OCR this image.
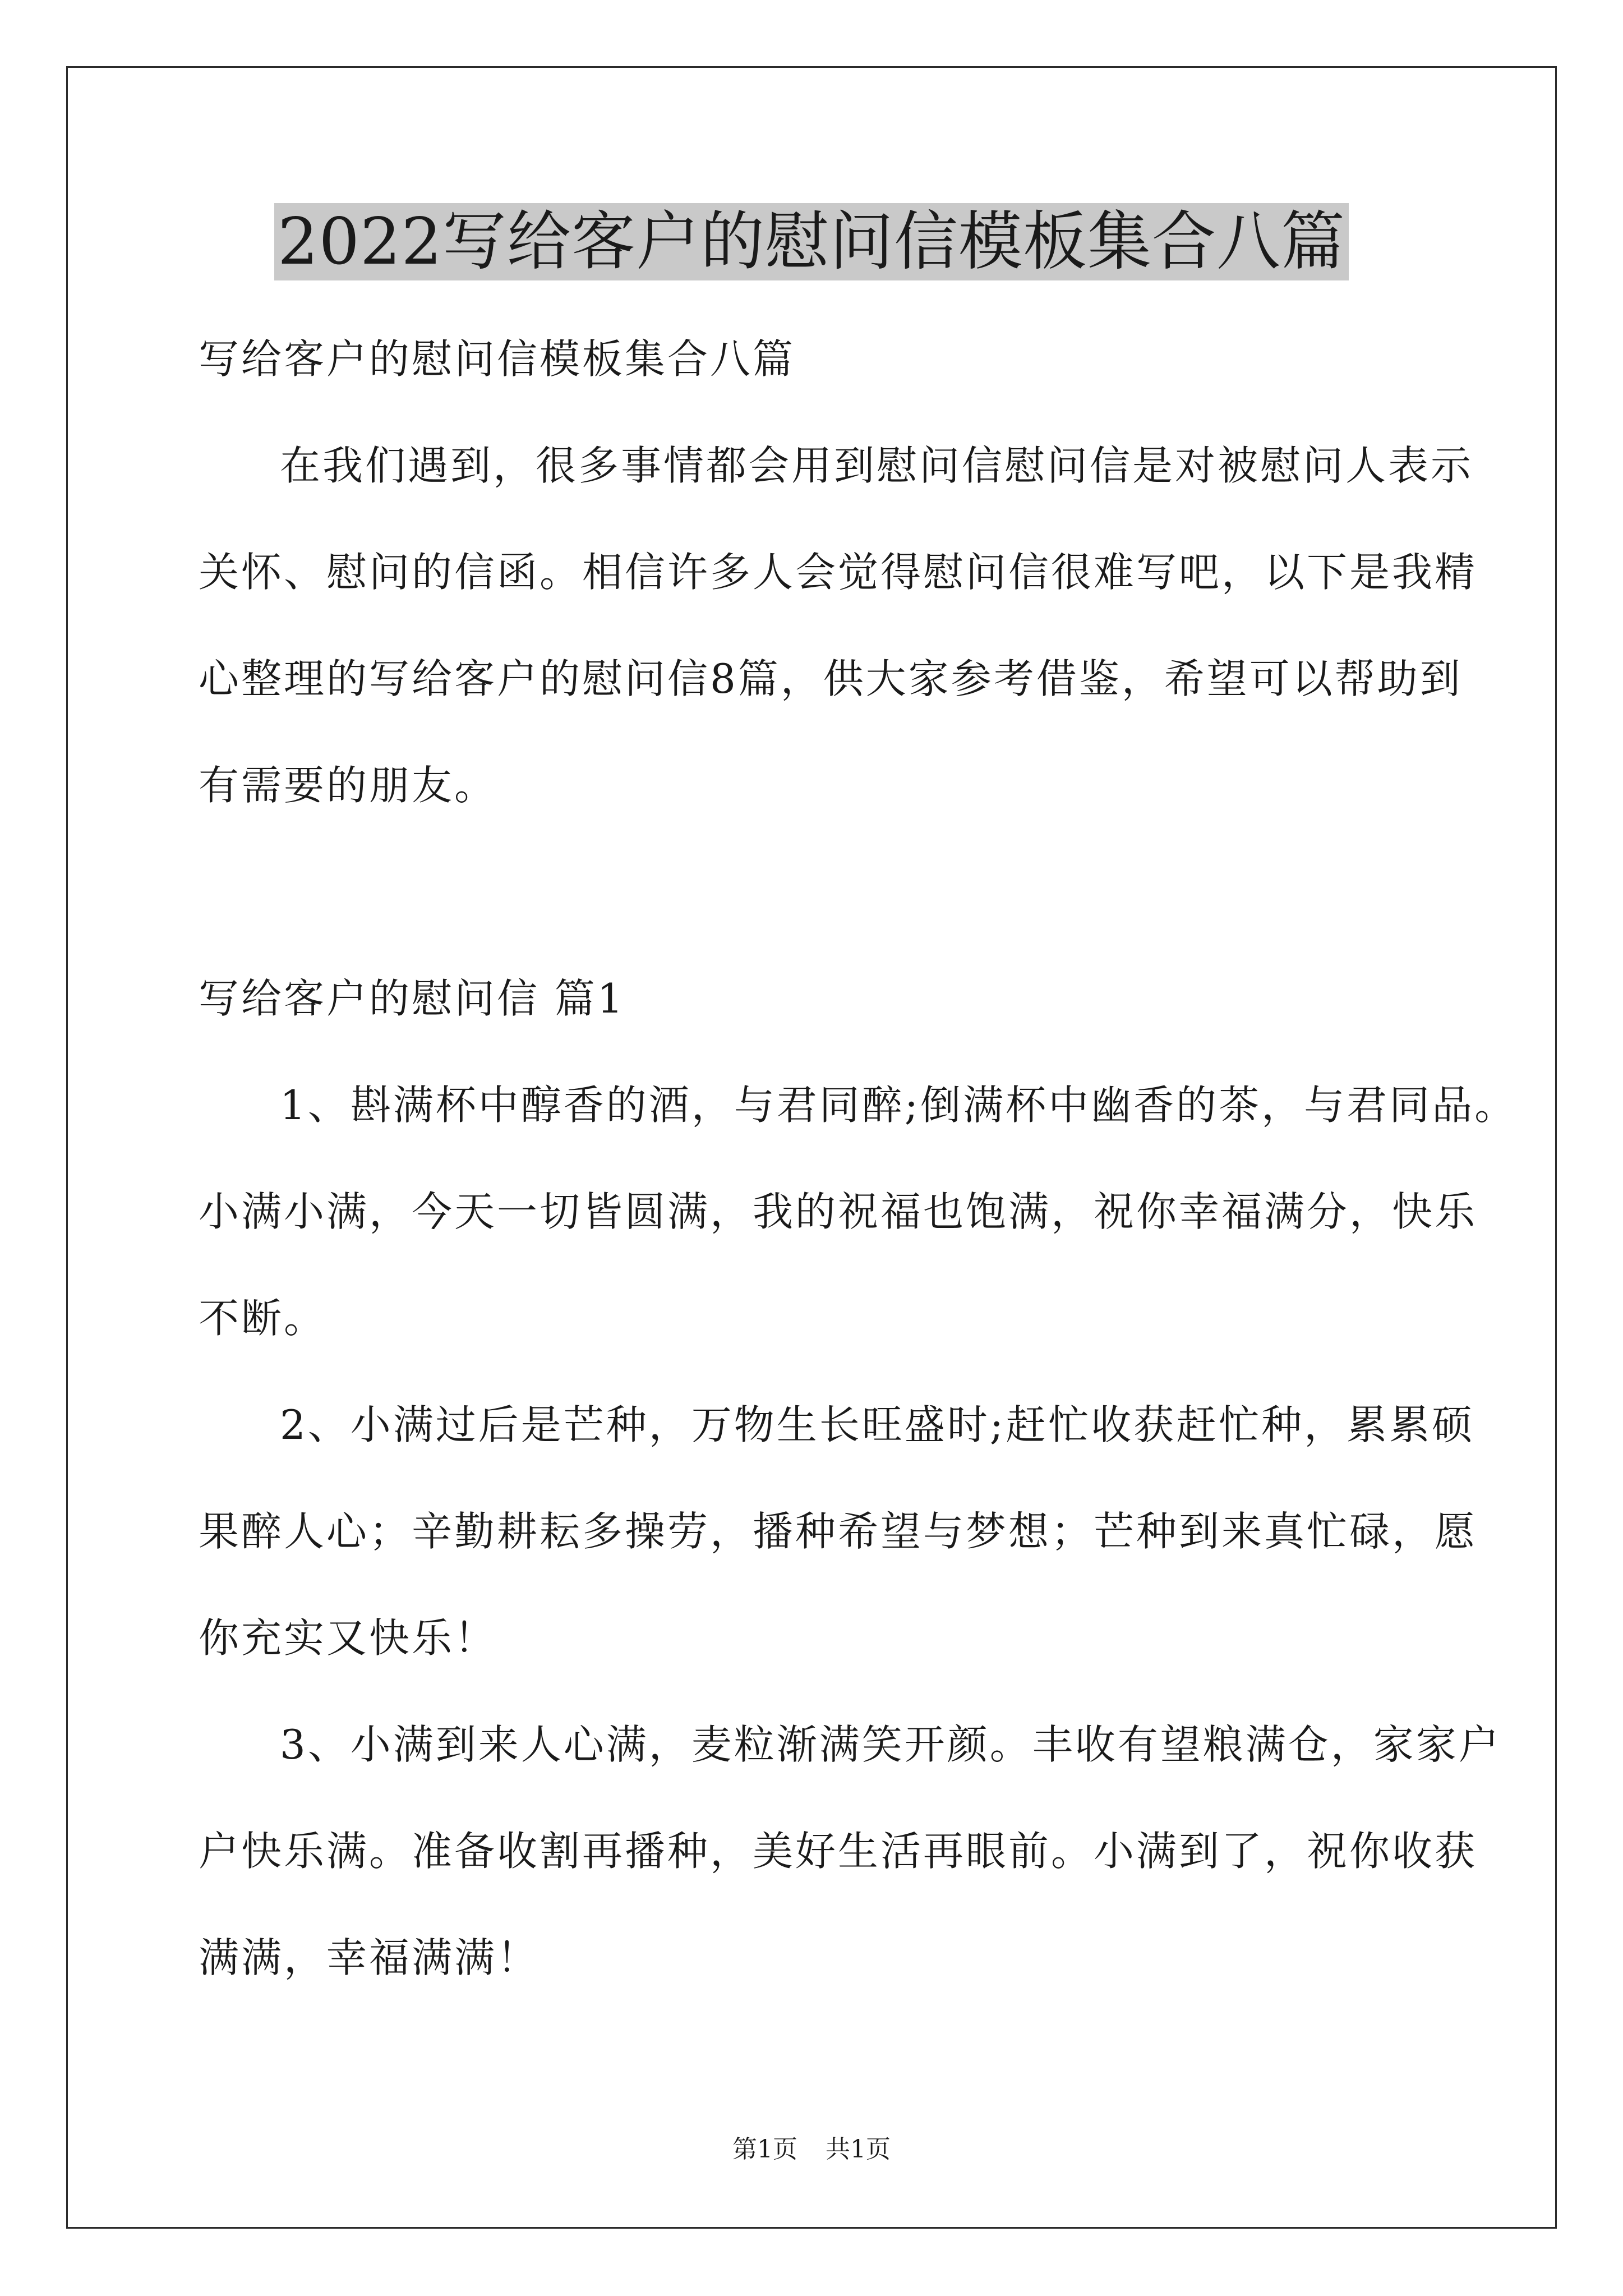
2022写给客户的慰问信模板集合八篇
写给客户的慰问信模板集合八篇
在我们遇到，很多事情都会用到慰问信慰问信是对被慰问人表示
关怀、慰问的信函。相信许多人会觉得慰问信很难写吧，以下是我精
心整理的写给客户的慰问信8篇，供大家参考借鉴，希望可以帮助到
有需要的朋友。
写给客户的慰问信 篇1
1、斟满杯中醇香的酒，与君同醉;倒满杯中幽香的茶，与君同品。
小满小满，今天一切皆圆满，我的祝福也饱满，祝你幸福满分，快乐
不断。
2、小满过后是芒种，万物生长旺盛时;赶忙收获赶忙种，累累硕
果醉人心；辛勤耕耘多操劳，播种希望与梦想；芒种到来真忙碌，愿
你充实又快乐！
3、小满到来人心满，麦粒渐满笑开颜。丰收有望粮满仓，家家户
户快乐满。准备收割再播种，美好生活再眼前。小满到了，祝你收获
满满，幸福满满！
第1页 共1页
